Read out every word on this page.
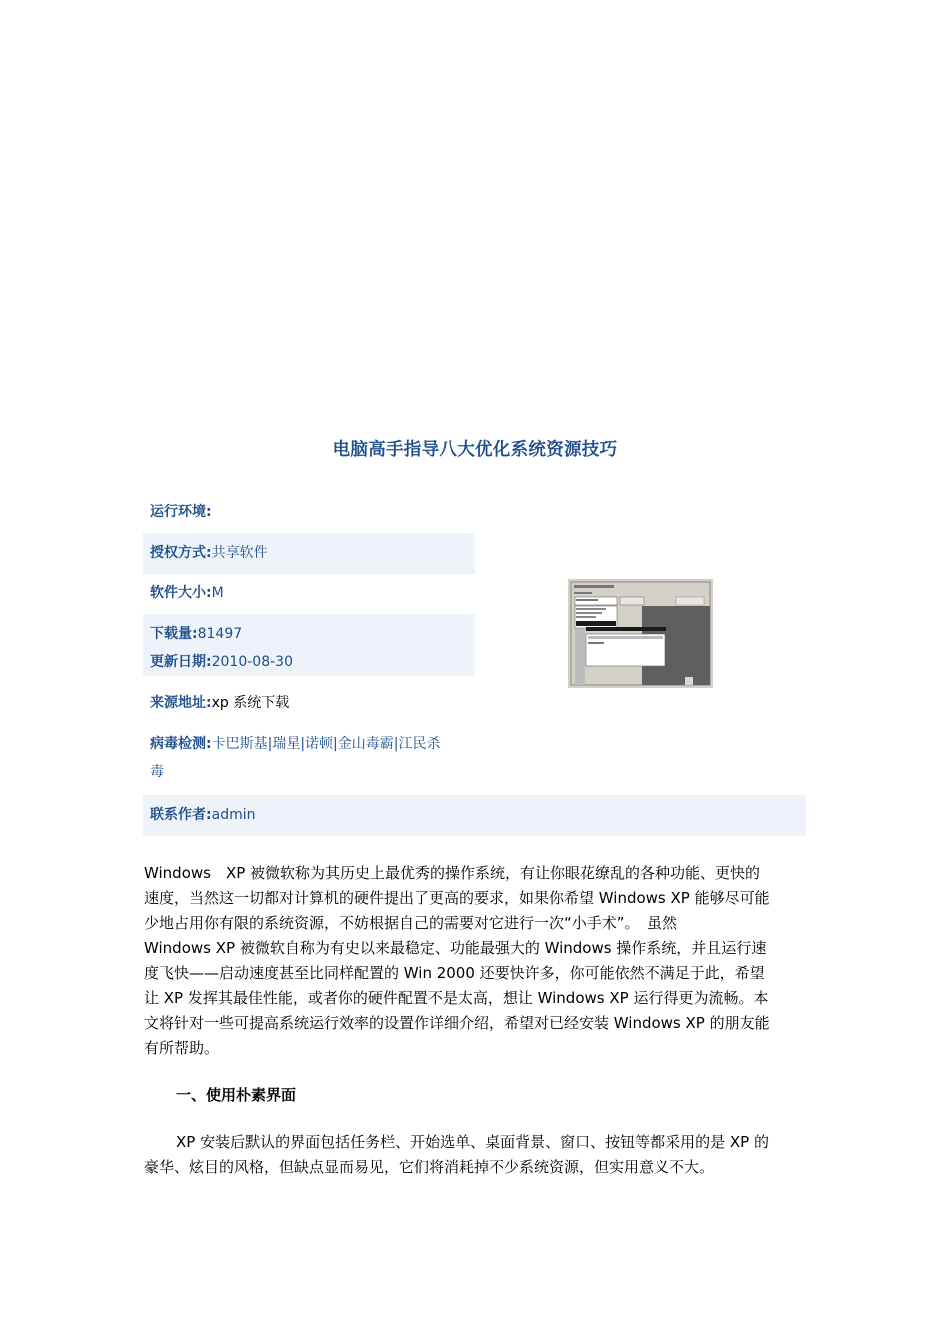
电脑高手指导八大优化系统资源技巧
运行环境:
授权方式:共享软件
软件大小:M
下载量:81497
更新日期:2010-08-30
来源地址:xp 系统下载
病毒检测:卡巴斯基|瑞星|诺顿|金山毒霸|江民杀
毒
联系作者:admin
Windows　XP 被微软称为其历史上最优秀的操作系统，有让你眼花缭乱的各种功能、更快的
速度，当然这一切都对计算机的硬件提出了更高的要求，如果你希望 Windows XP 能够尽可能
少地占用你有限的系统资源，不妨根据自己的需要对它进行一次“小手术”。　虽然
Windows XP 被微软自称为有史以来最稳定、功能最强大的 Windows 操作系统，并且运行速
度飞快——启动速度甚至比同样配置的 Win 2000 还要快许多，你可能依然不满足于此，希望
让 XP 发挥其最佳性能，或者你的硬件配置不是太高，想让 Windows XP 运行得更为流畅。本
文将针对一些可提高系统运行效率的设置作详细介绍，希望对已经安装 Windows XP 的朋友能
有所帮助。
一、使用朴素界面
XP 安装后默认的界面包括任务栏、开始选单、桌面背景、窗口、按钮等都采用的是 XP 的
豪华、炫目的风格，但缺点显而易见，它们将消耗掉不少系统资源，但实用意义不大。
